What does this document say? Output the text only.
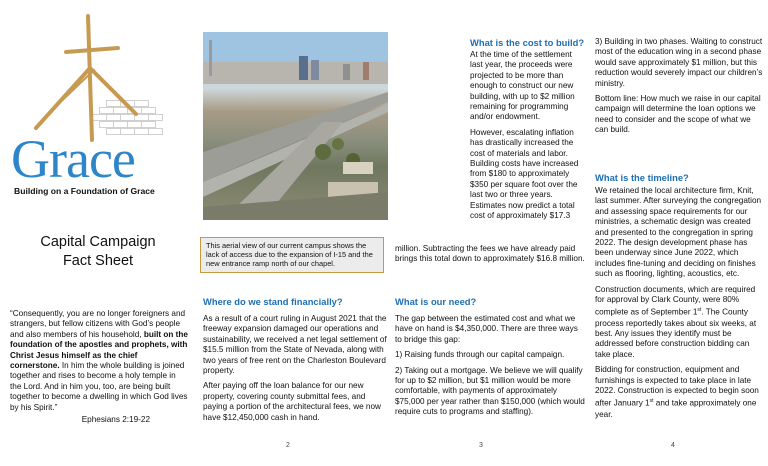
Grace
Building on a Foundation of Grace
Capital Campaign
Fact Sheet

“Consequently, you are no longer foreigners and strangers, but fellow citizens with God’s people and also members of his household, built on the foundation of the apostles and prophets, with Christ Jesus himself as the chief cornerstone. In him the whole building is joined together and rises to become a holy temple in the Lord. And in him you, too, are being built together to become a dwelling in which God lives by his Spirit.”

Ephesians 2:19-22

This aerial view of our current campus shows the lack of access due to the expansion of I-15 and the new entrance ramp north of our chapel.
Where do we stand financially?

As a result of a court ruling in August 2021 that the freeway expansion damaged our operations and sustainability, we received a net legal settlement of $15.5 million from the State of Nevada, along with two years of free rent on the Charleston Boulevard property.

After paying off the loan balance for our new property, covering county submittal fees, and paying a portion of the architectural fees, we now have $12,450,000 cash in hand.

2
What is the cost to build?

At the time of the settlement last year, the proceeds were projected to be more than enough to construct our new building, with up to $2 million remaining for programming and/or endowment.

However, escalating inflation has drastically increased the cost of materials and labor. Building costs have increased from $180 to approximately $350 per square foot over the last two or three years. Estimates now predict a total cost of approximately $17.3

million. Subtracting the fees we have already paid brings this total down to approximately $16.8 million.
What is our need?

The gap between the estimated cost and what we have on hand is $4,350,000. There are three ways to bridge this gap:

1) Raising funds through our capital campaign.

2) Taking out a mortgage. We believe we will qualify for up to $2 million, but $1 million would be more comfortable, with payments of approximately $75,000 per year rather than $150,000 (which would require cuts to programs and staffing).

3

3) Building in two phases. Waiting to construct most of the education wing in a second phase would save approximately $1 million, but this reduction would severely impact our children’s ministry.

Bottom line: How much we raise in our capital campaign will determine the loan options we need to consider and the scope of what we can build.

What is the timeline?

We retained the local architecture firm, Knit, last summer. After surveying the congregation and assessing space requirements for our ministries, a schematic design was created and presented to the congregation in spring 2022. The design development phase has been underway since June 2022, which includes fine-tuning and deciding on finishes such as flooring, lighting, acoustics, etc.

Construction documents, which are required for approval by Clark County, were 80% complete as of September 1st. The County process reportedly takes about six weeks, at best. Any issues they identify must be addressed before construction bidding can take place.

Bidding for construction, equipment and furnishings is expected to take place in late 2022. Construction is expected to begin soon after January 1st and take approximately one year.

4
